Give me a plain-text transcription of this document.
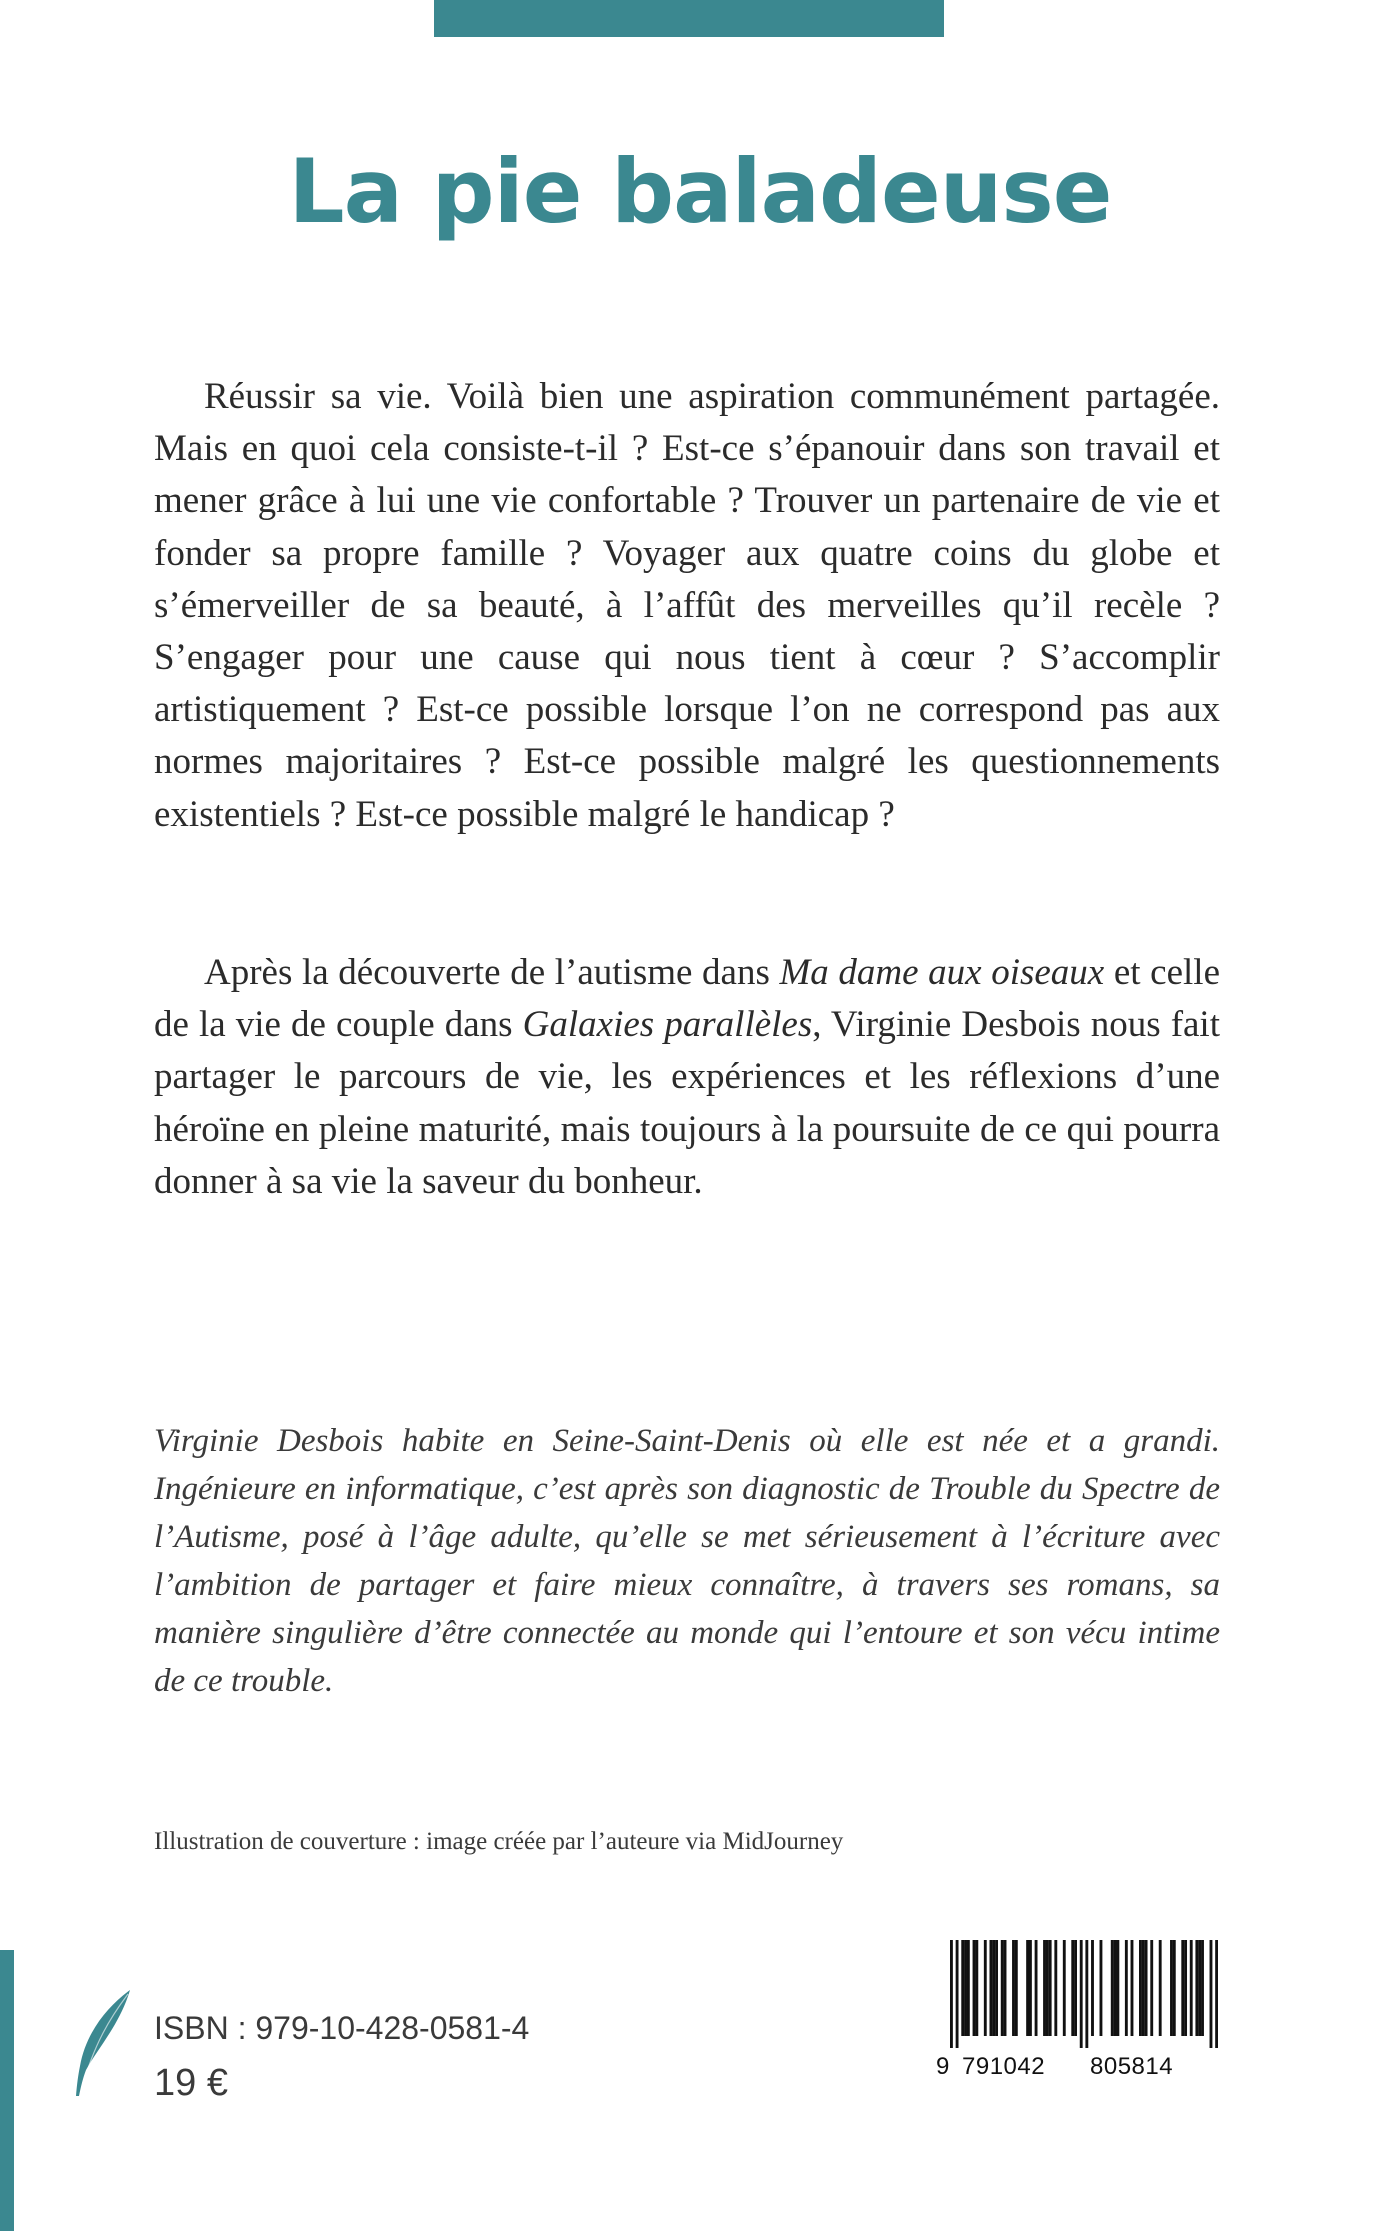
La pie baladeuse

Réussir sa vie. Voilà bien une aspiration communément partagée. Mais en quoi cela consiste-t-il ? Est-ce s’épanouir dans son travail et mener grâce à lui une vie confortable ? Trouver un partenaire de vie et fonder sa propre famille ? Voyager aux quatre coins du globe et s’émerveiller de sa beauté, à l’affût des merveilles qu’il recèle ? S’engager pour une cause qui nous tient à cœur ? S’accomplir artistiquement ? Est-ce possible lorsque l’on ne correspond pas aux normes majoritaires ? Est-ce possible malgré les questionnements existentiels ? Est-ce possible malgré le handicap ?

Après la découverte de l’autisme dans Ma dame aux oiseaux et celle de la vie de couple dans Galaxies parallèles, Virginie Desbois nous fait partager le parcours de vie, les expériences et les réflexions d’une héroïne en pleine maturité, mais toujours à la poursuite de ce qui pourra donner à sa vie la saveur du bonheur.

Virginie Desbois habite en Seine-Saint-Denis où elle est née et a grandi. Ingénieure en informatique, c’est après son diagnostic de Trouble du Spectre de l’Autisme, posé à l’âge adulte, qu’elle se met sérieusement à l’écriture avec l’ambition de partager et faire mieux connaître, à travers ses romans, sa manière singulière d’être connectée au monde qui l’entoure et son vécu intime de ce trouble.

Illustration de couverture : image créée par l’auteure via MidJourney
ISBN : 979-10-428-0581-4
19 €

	9

791042

805814
